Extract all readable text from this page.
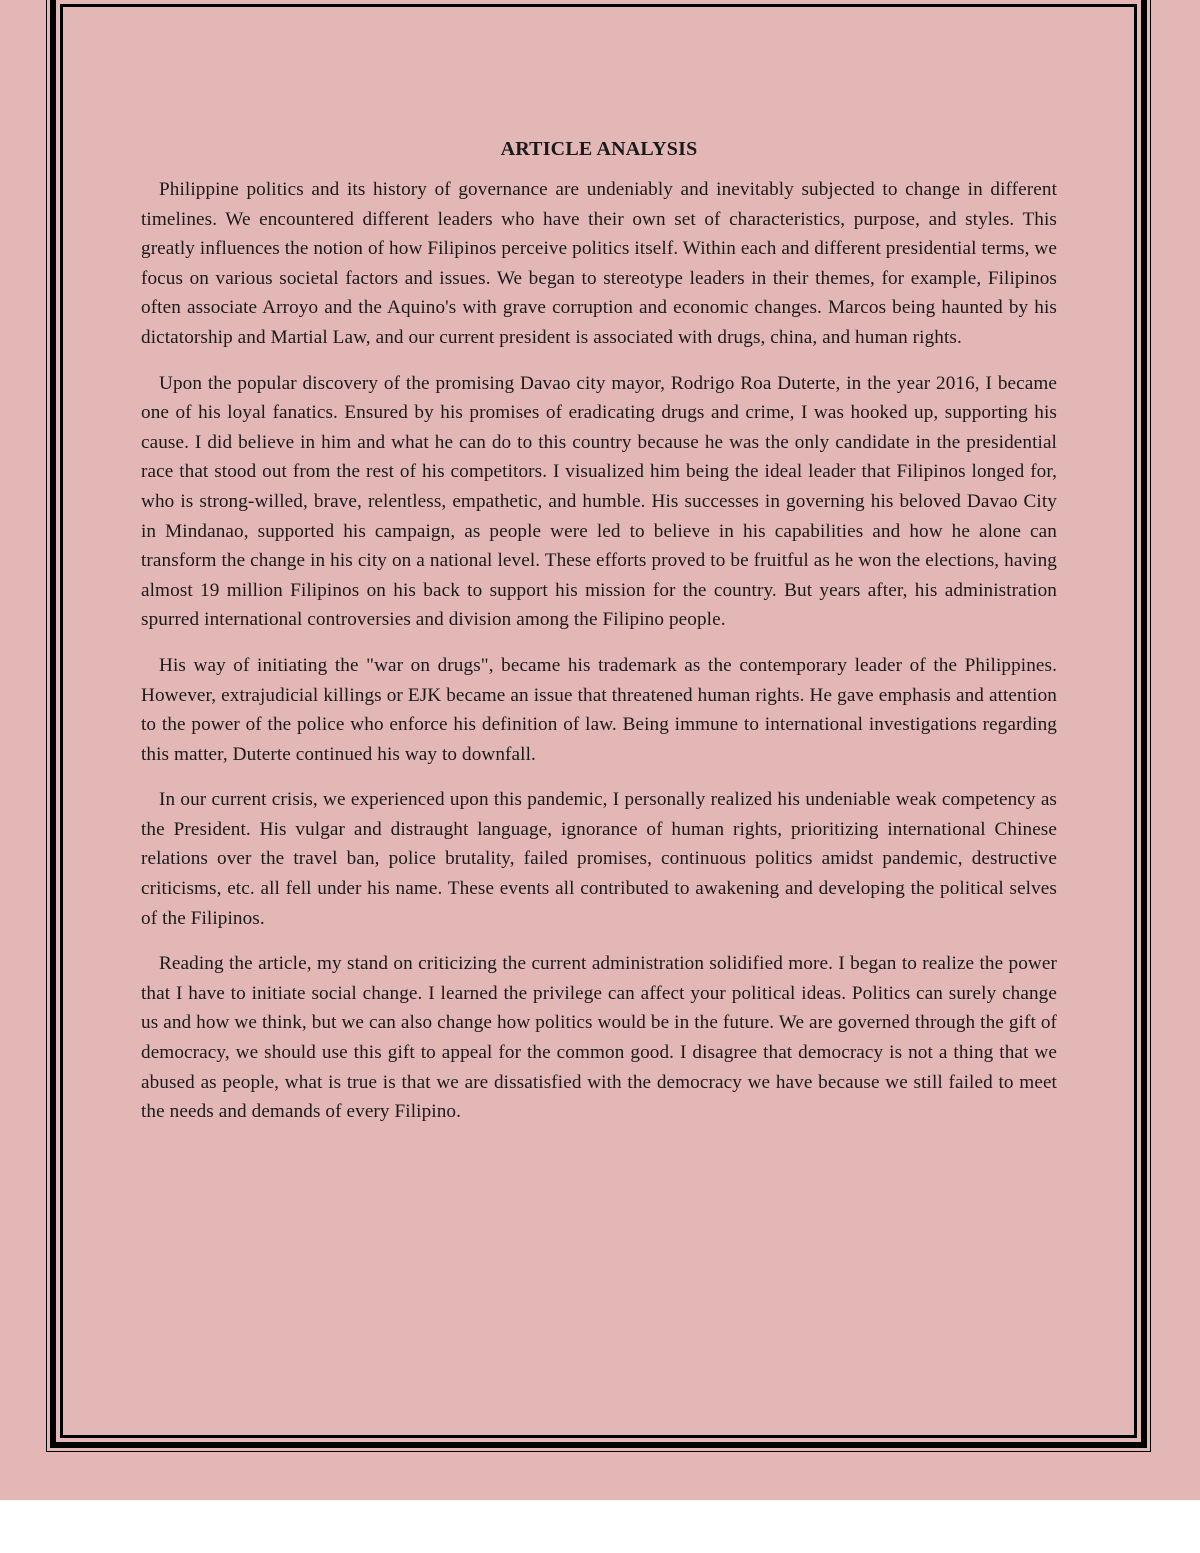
ARTICLE ANALYSIS

Philippine politics and its history of governance are undeniably and inevitably subjected to change in different timelines. We encountered different leaders who have their own set of characteristics, purpose, and styles. This greatly influences the notion of how Filipinos perceive politics itself. Within each and different presidential terms, we focus on various societal factors and issues. We began to stereotype leaders in their themes, for example, Filipinos often associate Arroyo and the Aquino's with grave corruption and economic changes. Marcos being haunted by his dictatorship and Martial Law, and our current president is associated with drugs, china, and human rights.

Upon the popular discovery of the promising Davao city mayor, Rodrigo Roa Duterte, in the year 2016, I became one of his loyal fanatics. Ensured by his promises of eradicating drugs and crime, I was hooked up, supporting his cause. I did believe in him and what he can do to this country because he was the only candidate in the presidential race that stood out from the rest of his competitors. I visualized him being the ideal leader that Filipinos longed for, who is strong-willed, brave, relentless, empathetic, and humble. His successes in governing his beloved Davao City in Mindanao, supported his campaign, as people were led to believe in his capabilities and how he alone can transform the change in his city on a national level. These efforts proved to be fruitful as he won the elections, having almost 19 million Filipinos on his back to support his mission for the country. But years after, his administration spurred international controversies and division among the Filipino people.

His way of initiating the "war on drugs", became his trademark as the contemporary leader of the Philippines. However, extrajudicial killings or EJK became an issue that threatened human rights. He gave emphasis and attention to the power of the police who enforce his definition of law. Being immune to international investigations regarding this matter, Duterte continued his way to downfall.

In our current crisis, we experienced upon this pandemic, I personally realized his undeniable weak competency as the President. His vulgar and distraught language, ignorance of human rights, prioritizing international Chinese relations over the travel ban, police brutality, failed promises, continuous politics amidst pandemic, destructive criticisms, etc. all fell under his name. These events all contributed to awakening and developing the political selves of the Filipinos.

Reading the article, my stand on criticizing the current administration solidified more. I began to realize the power that I have to initiate social change. I learned the privilege can affect your political ideas. Politics can surely change us and how we think, but we can also change how politics would be in the future. We are governed through the gift of democracy, we should use this gift to appeal for the common good. I disagree that democracy is not a thing that we abused as people, what is true is that we are dissatisfied with the democracy we have because we still failed to meet the needs and demands of every Filipino.
